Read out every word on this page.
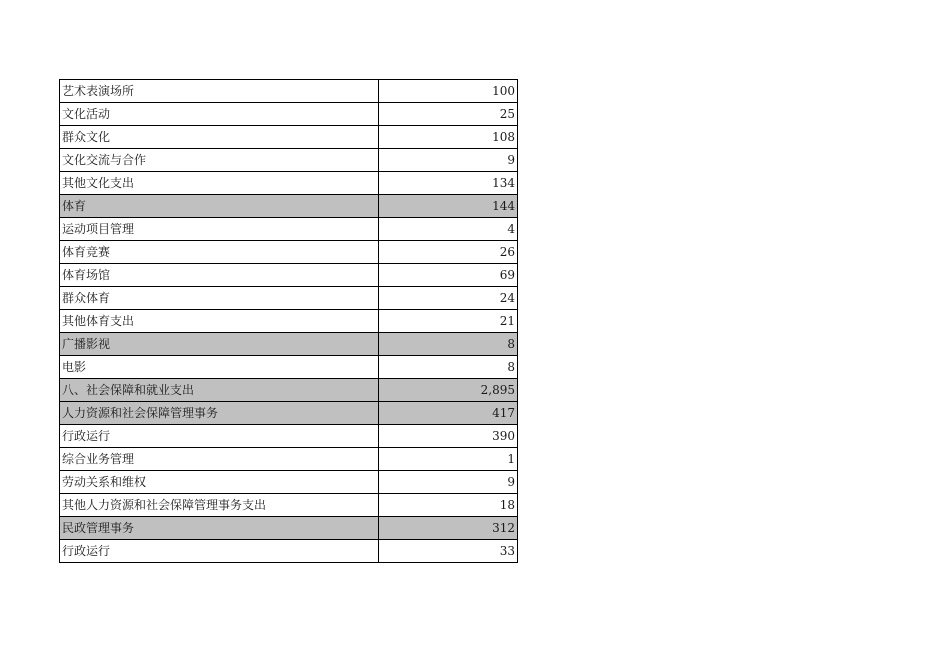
艺术表演场所	100
文化活动	25
群众文化	108
文化交流与合作	9
其他文化支出	134
体育	144
运动项目管理	4
体育竞赛	26
体育场馆	69
群众体育	24
其他体育支出	21
广播影视	8
电影	8
八、社会保障和就业支出	2,895
人力资源和社会保障管理事务	417
行政运行	390
综合业务管理	1
劳动关系和维权	9
其他人力资源和社会保障管理事务支出	18
民政管理事务	312
行政运行	33
